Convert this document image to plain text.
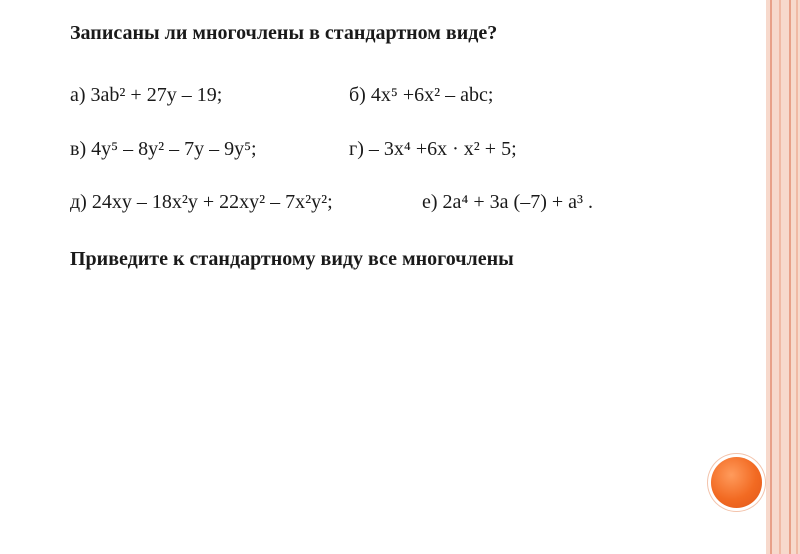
Записаны ли многочлены в стандартном виде?
а) 3ab² + 27y – 19;	б) 4x⁵ +6x² – abc;
в) 4y⁵ – 8y² – 7y – 9y⁵;	г) – 3x⁴ +6x · x² + 5;
д) 24xy – 18x²y + 22xy² – 7x²y²;	е) 2a⁴ + 3a (–7) + a³ .
Приведите к стандартному виду все многочлены
